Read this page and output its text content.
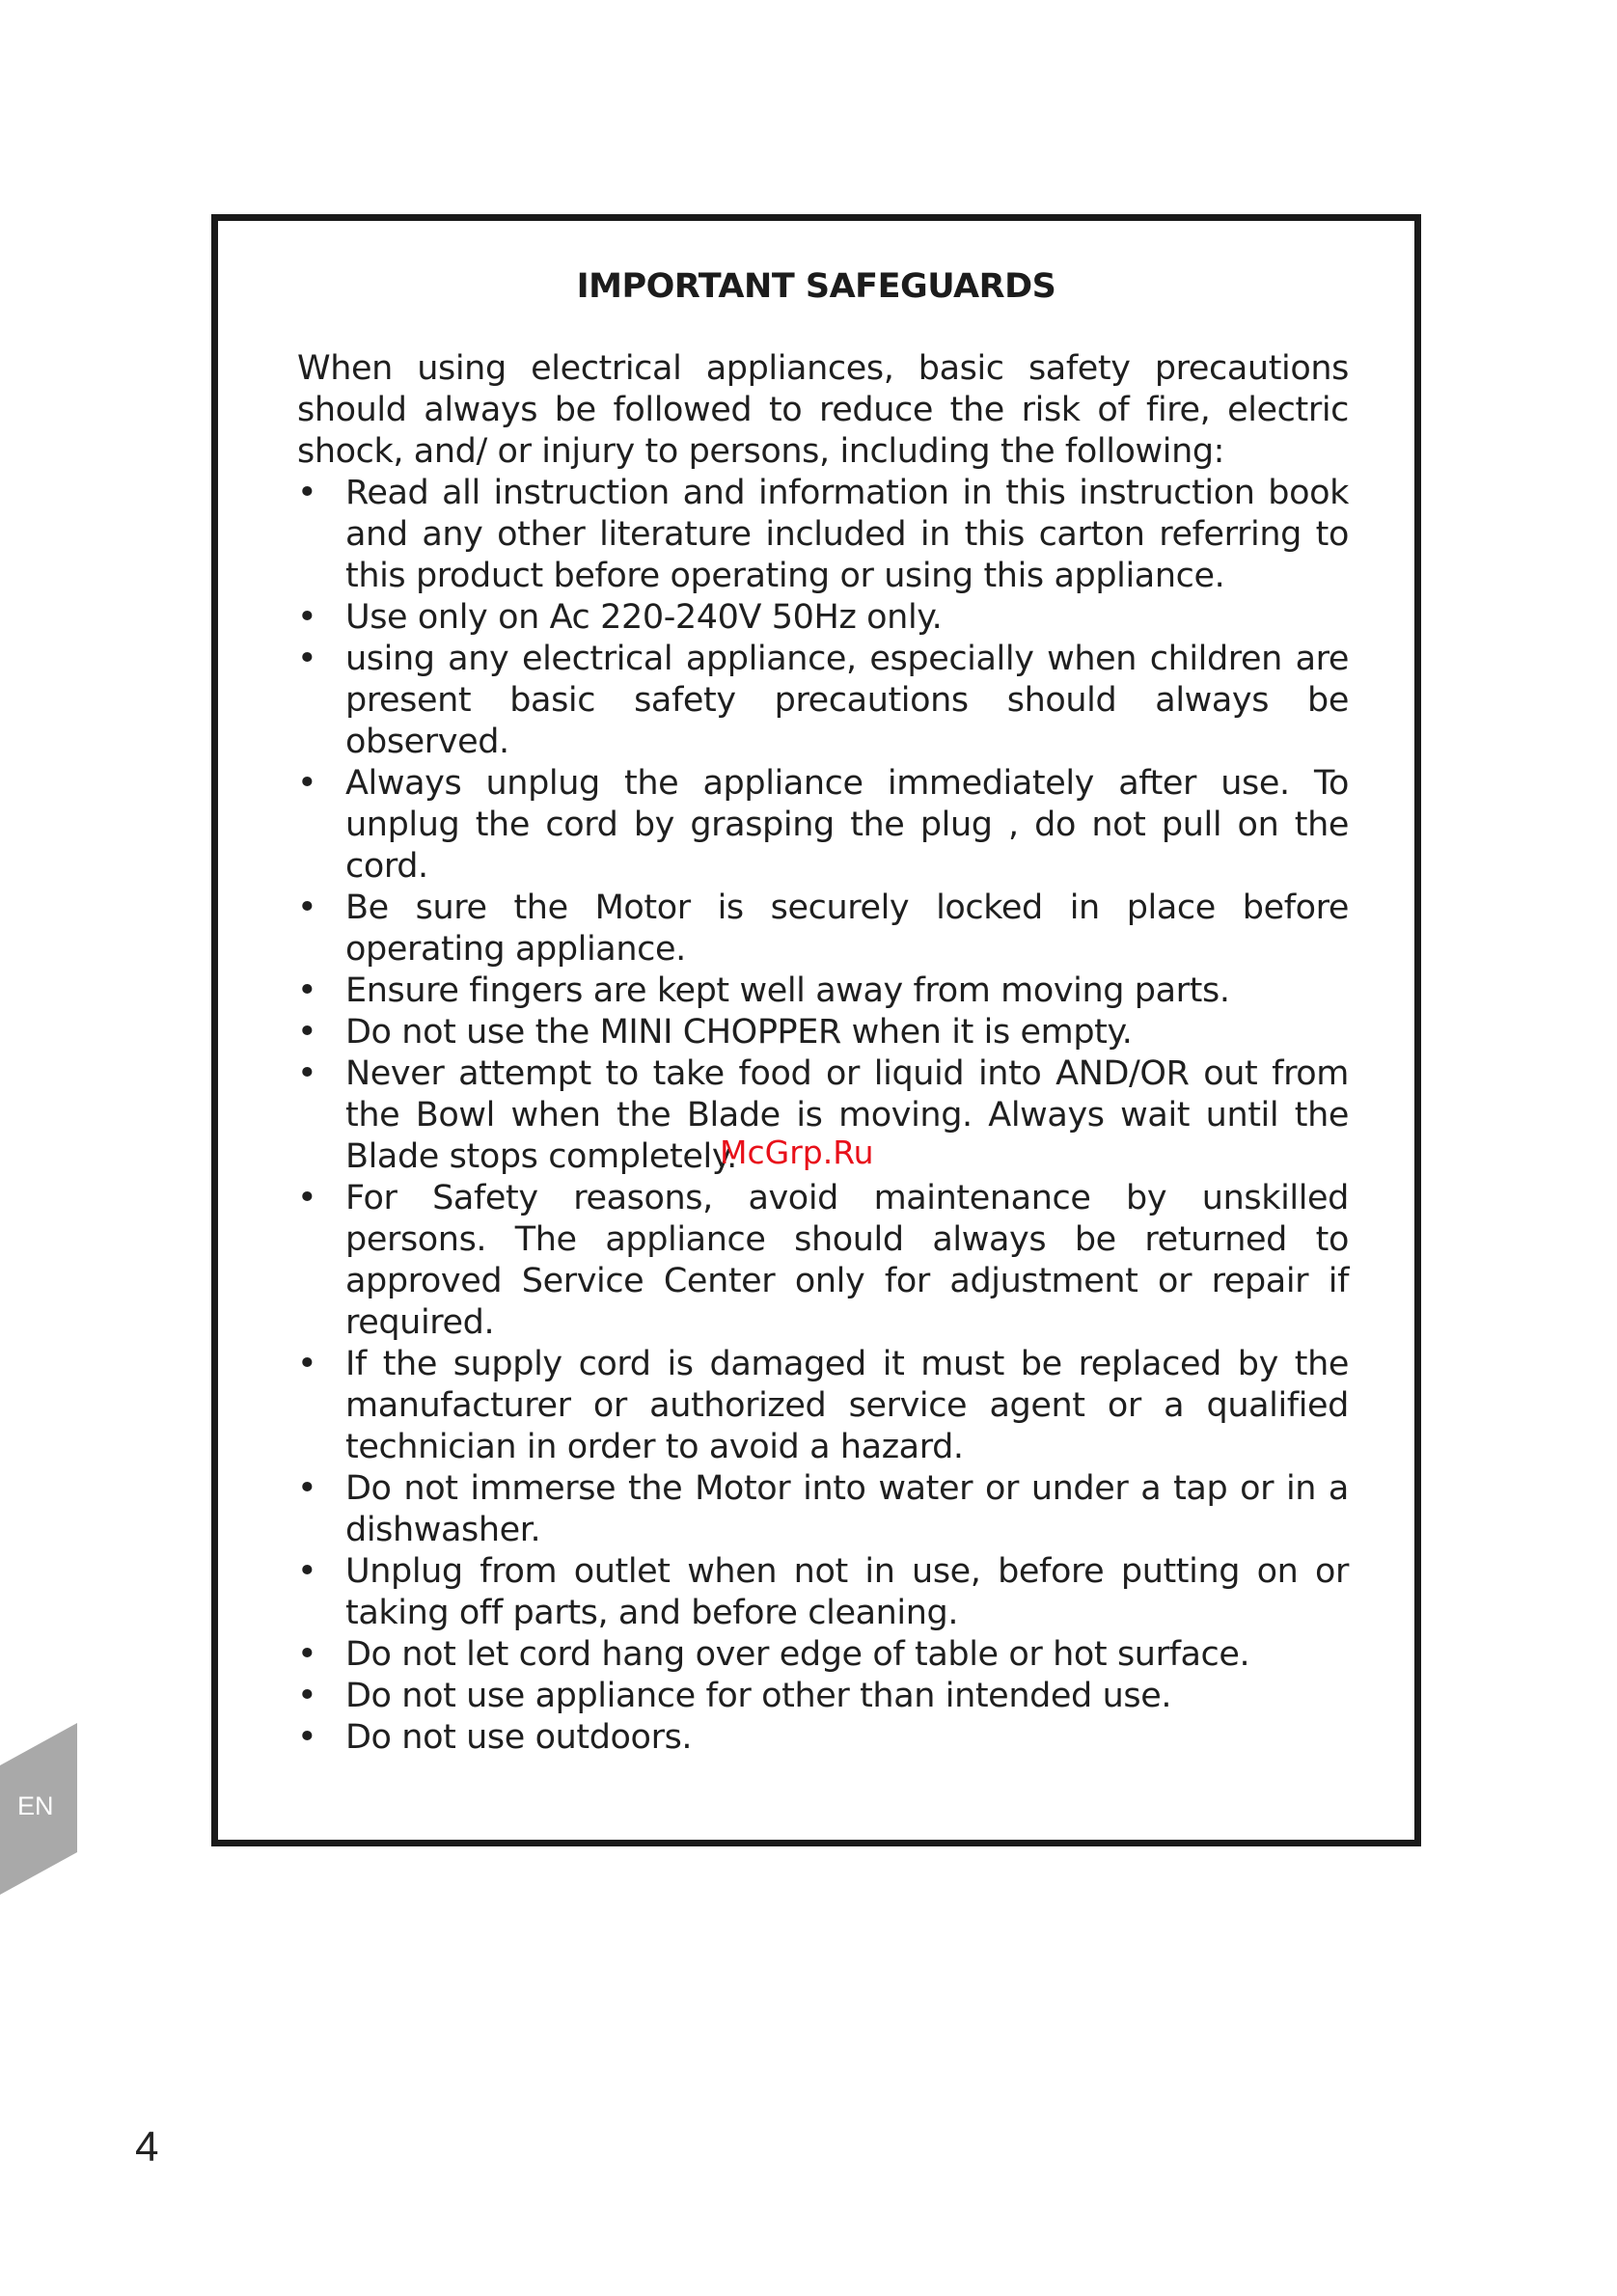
IMPORTANT SAFEGUARDS

When using electrical appliances, basic safety precautions should always be followed to reduce the risk of fire, electric shock, and/ or injury to persons, including the following:

• Read all instruction and information in this instruction book and any other literature included in this carton referring to this product before operating or using this appliance.
• Use only on Ac 220-240V 50Hz only.
• using any electrical appliance, especially when children are present basic safety precautions should always be observed.
• Always unplug the appliance immediately after use. To unplug the cord by grasping the plug , do not pull on the cord.
• Be sure the Motor is securely locked in place before operating appliance.
• Ensure fingers are kept well away from moving parts.
• Do not use the MINI CHOPPER when it is empty.
• Never attempt to take food or liquid into AND/OR out from the Bowl when the Blade is moving. Always wait until the Blade stops completely.
• For Safety reasons, avoid maintenance by unskilled persons. The appliance should always be returned to approved Service Center only for adjustment or repair if required.
• If the supply cord is damaged it must be replaced by the manufacturer or authorized service agent or a qualified technician in order to avoid a hazard.
• Do not immerse the Motor into water or under a tap or in a dishwasher.
• Unplug from outlet when not in use, before putting on or taking off parts, and before cleaning.
• Do not let cord hang over edge of table or hot surface.
• Do not use appliance for other than intended use.
• Do not use outdoors.
McGrp.Ru
EN
4
